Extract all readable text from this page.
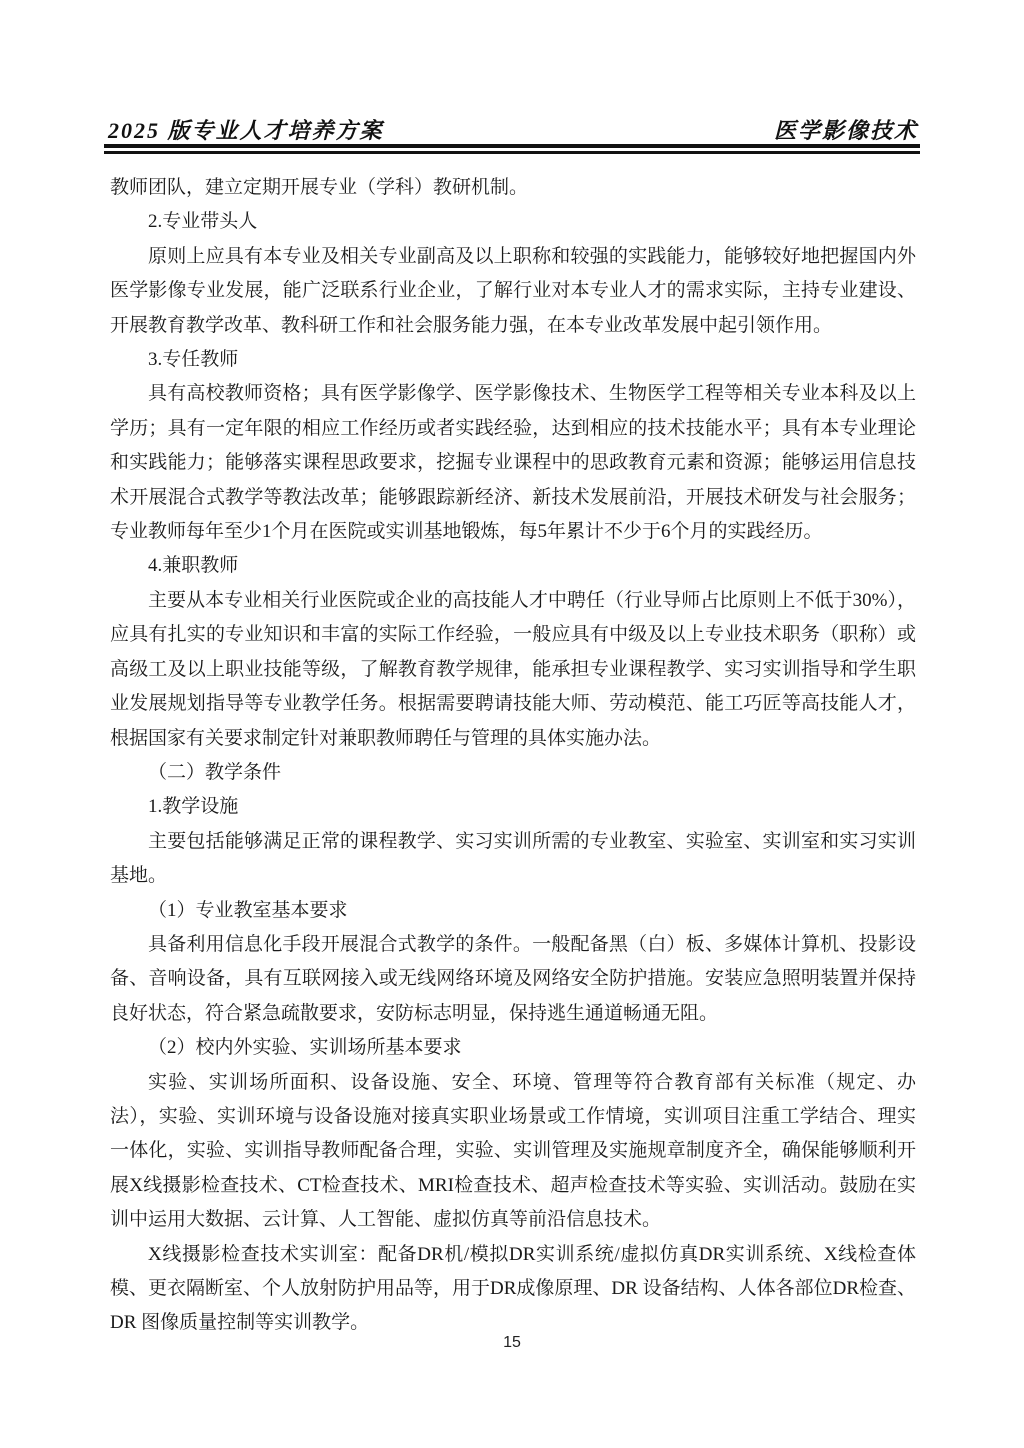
2025 版专业人才培养方案	医学影像技术

教师团队，建立定期开展专业（学科）教研机制。

2.专业带头人

原则上应具有本专业及相关专业副高及以上职称和较强的实践能力，能够较好地把握国内外医学影像专业发展，能广泛联系行业企业，了解行业对本专业人才的需求实际，主持专业建设、开展教育教学改革、教科研工作和社会服务能力强，在本专业改革发展中起引领作用。

3.专任教师

具有高校教师资格；具有医学影像学、医学影像技术、生物医学工程等相关专业本科及以上学历；具有一定年限的相应工作经历或者实践经验，达到相应的技术技能水平；具有本专业理论和实践能力；能够落实课程思政要求，挖掘专业课程中的思政教育元素和资源；能够运用信息技术开展混合式教学等教法改革；能够跟踪新经济、新技术发展前沿，开展技术研发与社会服务；专业教师每年至少1个月在医院或实训基地锻炼，每5年累计不少于6个月的实践经历。

4.兼职教师

主要从本专业相关行业医院或企业的高技能人才中聘任（行业导师占比原则上不低于30%），应具有扎实的专业知识和丰富的实际工作经验，一般应具有中级及以上专业技术职务（职称）或高级工及以上职业技能等级，了解教育教学规律，能承担专业课程教学、实习实训指导和学生职业发展规划指导等专业教学任务。根据需要聘请技能大师、劳动模范、能工巧匠等高技能人才，根据国家有关要求制定针对兼职教师聘任与管理的具体实施办法。

（二）教学条件

1.教学设施

主要包括能够满足正常的课程教学、实习实训所需的专业教室、实验室、实训室和实习实训基地。

（1）专业教室基本要求

具备利用信息化手段开展混合式教学的条件。一般配备黑（白）板、多媒体计算机、投影设备、音响设备，具有互联网接入或无线网络环境及网络安全防护措施。安装应急照明装置并保持良好状态，符合紧急疏散要求，安防标志明显，保持逃生通道畅通无阻。

（2）校内外实验、实训场所基本要求

实验、实训场所面积、设备设施、安全、环境、管理等符合教育部有关标准（规定、办法），实验、实训环境与设备设施对接真实职业场景或工作情境，实训项目注重工学结合、理实一体化，实验、实训指导教师配备合理，实验、实训管理及实施规章制度齐全，确保能够顺利开展X线摄影检查技术、CT检查技术、MRI检查技术、超声检查技术等实验、实训活动。鼓励在实训中运用大数据、云计算、人工智能、虚拟仿真等前沿信息技术。

X线摄影检查技术实训室：配备DR机/模拟DR实训系统/虚拟仿真DR实训系统、X线检查体模、更衣隔断室、个人放射防护用品等，用于DR成像原理、DR 设备结构、人体各部位DR检查、DR 图像质量控制等实训教学。

15
